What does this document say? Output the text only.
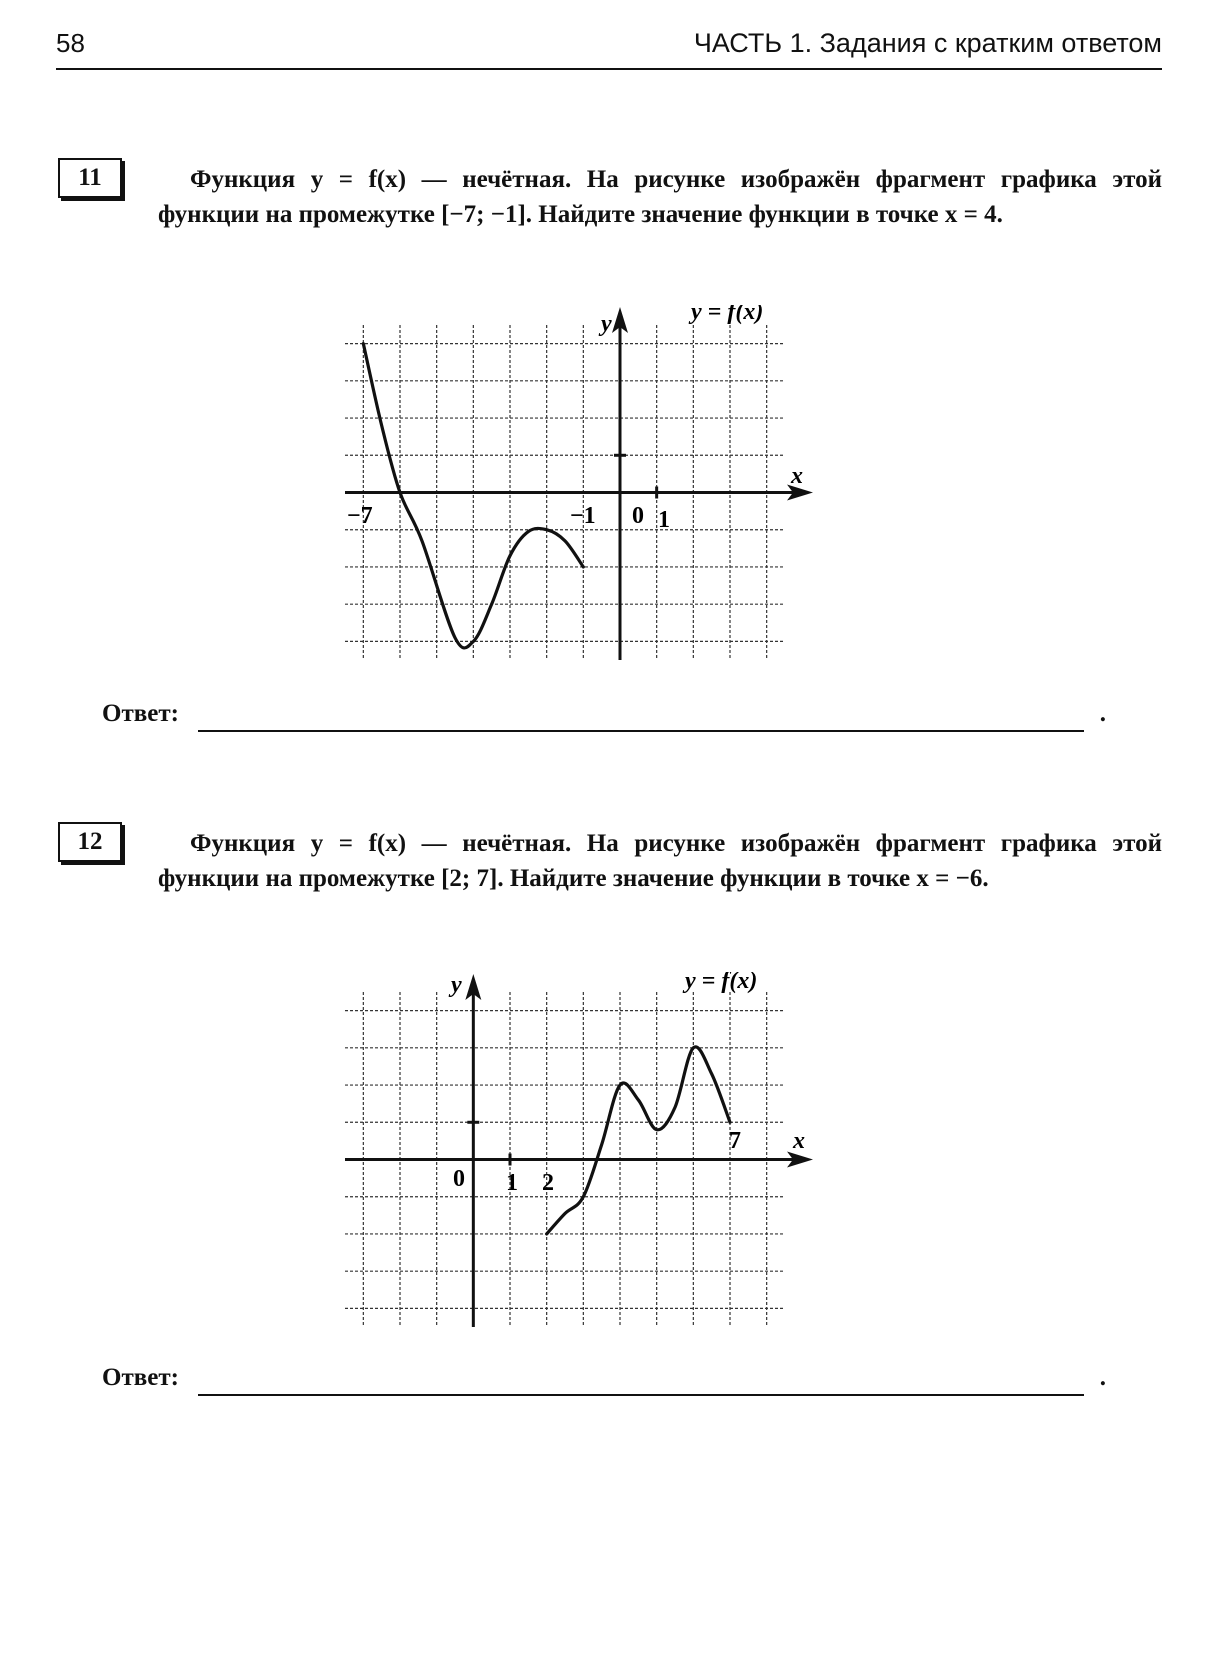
58	ЧАСТЬ 1. Задания с кратким ответом
11	Функция y = f(x) — нечётная. На рисунке изображён фрагмент графика этой функции на промежутке [−7; −1]. Найдите значение функции в точке x = 4.
y	y = f(x)
x
−7	−1 0 1
Ответ:	.
12	Функция y = f(x) — нечётная. На рисунке изображён фрагмент графика этой функции на промежутке [2; 7]. Найдите значение функции в точке x = −6.
y	y = f(x)
x
0 1 2
7
Ответ:	.
